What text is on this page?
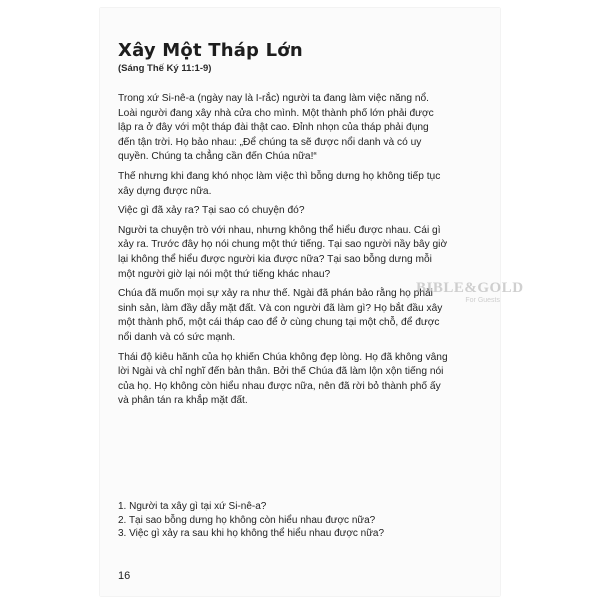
Xây Một Tháp Lớn
(Sáng Thế Ký 11:1-9)

Trong xứ Si-nê-a (ngày nay là I-rắc) người ta đang làm việc năng nổ. Loài người đang xây nhà cửa cho mình. Một thành phố lớn phải được lập ra ở đây với một tháp đài thật cao. Đỉnh nhọn của tháp phải đụng đến tận trời. Họ bảo nhau: „Để chúng ta sẽ được nổi danh và có uy quyền. Chúng ta chẳng cần đến Chúa nữa!“

Thế nhưng khi đang khó nhọc làm việc thì bỗng dưng họ không tiếp tục xây dựng được nữa.

Việc gì đã xảy ra? Tại sao có chuyện đó?

Người ta chuyện trò với nhau, nhưng không thể hiểu được nhau. Cái gì xảy ra. Trước đây họ nói chung một thứ tiếng. Tại sao người nầy bây giờ lại không thể hiểu được người kia được nữa? Tại sao bỗng dưng mỗi một người giờ lại nói một thứ tiếng khác nhau?

Chúa đã muốn mọi sự xảy ra như thế. Ngài đã phán bảo rằng họ phải sinh sản, làm đầy dẫy mặt đất. Và con người đã làm gì? Họ bắt đầu xây một thành phố, một cái tháp cao để ở cùng chung tại một chỗ, để được nổi danh và có sức mạnh.

Thái độ kiêu hãnh của họ khiến Chúa không đẹp lòng. Họ đã không vâng lời Ngài và chỉ nghĩ đến bản thân. Bởi thế Chúa đã làm lộn xộn tiếng nói của họ. Họ không còn hiểu nhau được nữa, nên đã rời bỏ thành phố ấy và phân tán ra khắp mặt đất.

1. Người ta xây gì tại xứ Si-nê-a?
2. Tại sao bỗng dưng họ không còn hiểu nhau được nữa?
3. Việc gì xảy ra sau khi họ không thể hiểu nhau được nữa?
16
BIBLE&GOLD
For Guests
